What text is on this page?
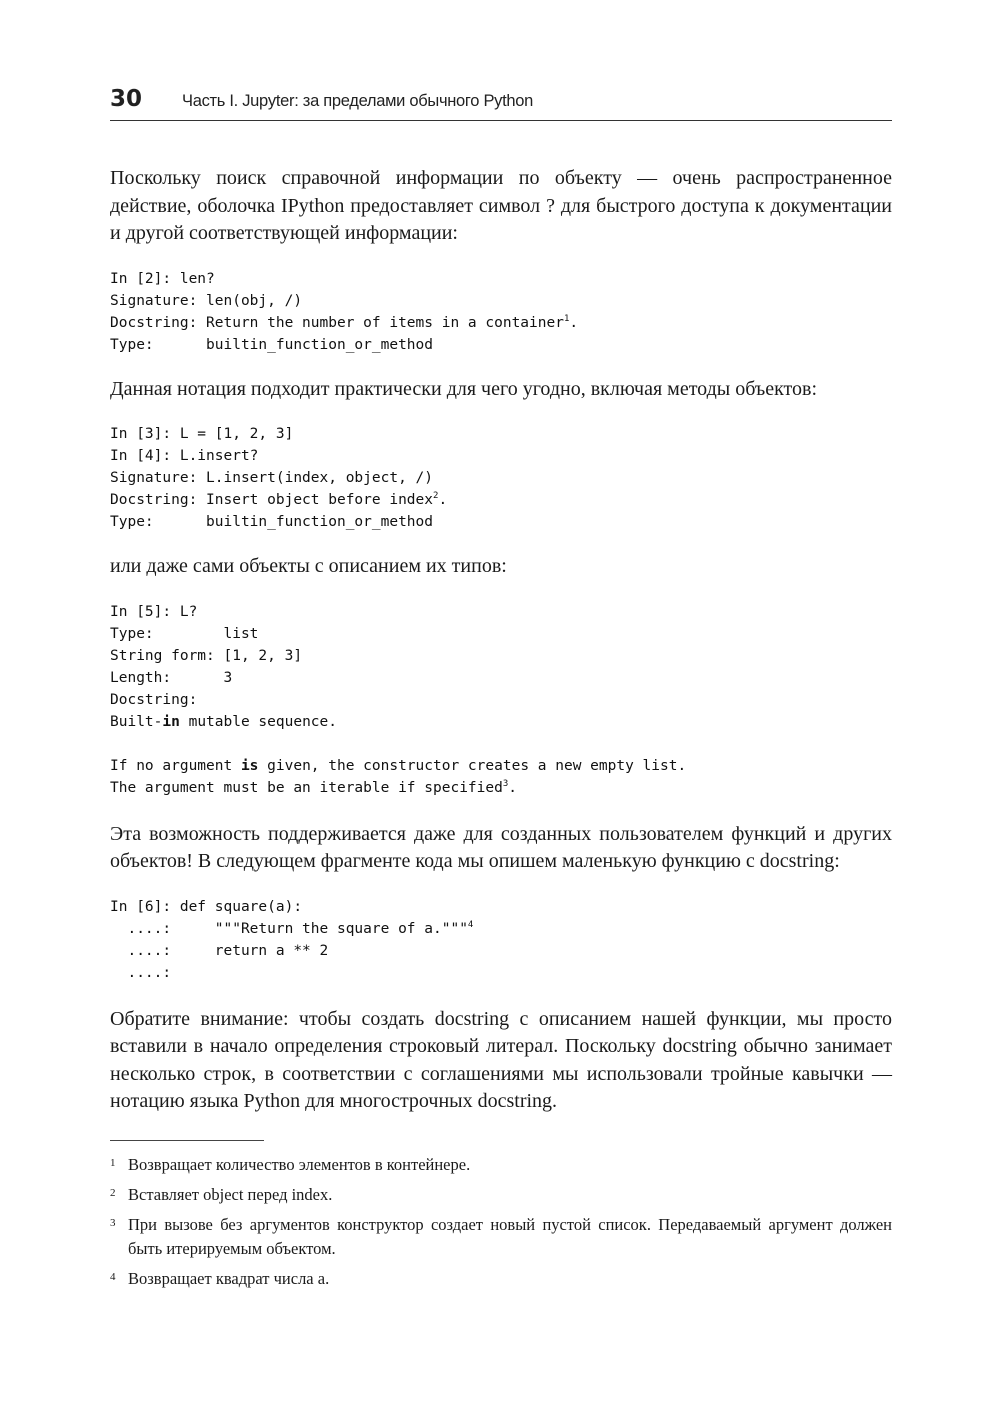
30 Часть I. Jupyter: за пределами обычного Python

Поскольку поиск справочной информации по объекту — очень распространенное действие, оболочка IPython предоставляет символ ? для быстрого доступа к документации и другой соответствующей информации:

In [2]: len?
Signature: len(obj, /)
Docstring: Return the number of items in a container$^1$.
Type:      builtin_function_or_method

Данная нотация подходит практически для чего угодно, включая методы объектов:

In [3]: L = [1, 2, 3]
In [4]: L.insert?
Signature: L.insert(index, object, /)
Docstring: Insert object before index$^2$.
Type:      builtin_function_or_method

или даже сами объекты с описанием их типов:

In [5]: L?
Type:        list
String form: [1, 2, 3]
Length:      3
Docstring:
Built-in mutable sequence.
If no argument is given, the constructor creates a new empty list.
The argument must be an iterable if specified$^3$.

Эта возможность поддерживается даже для созданных пользователем функций и других объектов! В следующем фрагменте кода мы опишем маленькую функцию с docstring:

In [6]: def square(a):
....:     """Return the square of a."""$^4$
....:     return a ** 2
....:

Обратите внимание: чтобы создать docstring с описанием нашей функции, мы просто вставили в начало определения строковый литерал. Поскольку docstring обычно занимает несколько строк, в соответствии с соглашениями мы использовали тройные кавычки — нотацию языка Python для многострочных docstring.

1 Возвращает количество элементов в контейнере.

2 Вставляет object перед index.

3 При вызове без аргументов конструктор создает новый пустой список. Передаваемый аргумент должен быть итерируемым объектом.

4 Возвращает квадрат числа a.
